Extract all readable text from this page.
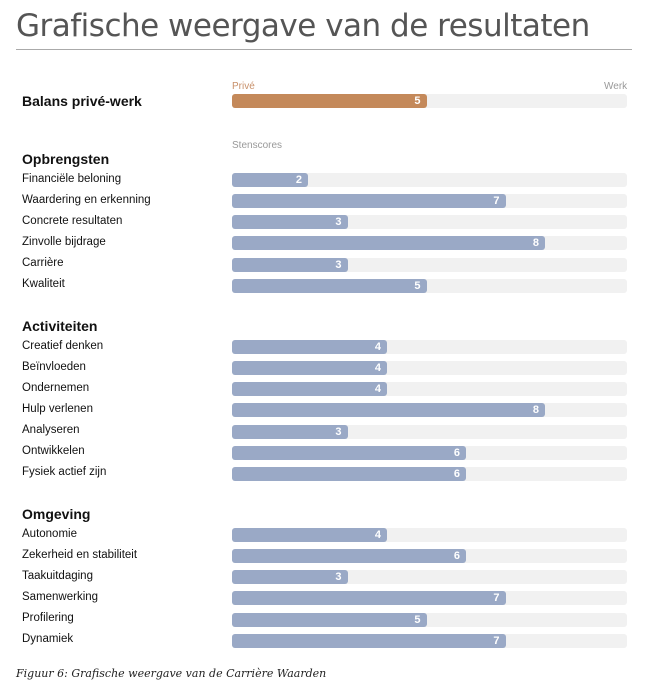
Grafische weergave van de resultaten
Privé	Werk
Balans privé-werk	5
Stenscores
Opbrengsten
Financiële beloning	2
Waardering en erkenning	7
Concrete resultaten	3
Zinvolle bijdrage	8
Carrière	3
Kwaliteit	5
Activiteiten
Creatief denken	4
Beïnvloeden	4
Ondernemen	4
Hulp verlenen	8
Analyseren	3
Ontwikkelen	6
Fysiek actief zijn	6
Omgeving
Autonomie	4
Zekerheid en stabiliteit	6
Taakuitdaging	3
Samenwerking	7
Profilering	5
Dynamiek	7
Figuur 6: Grafische weergave van de Carrière Waarden
